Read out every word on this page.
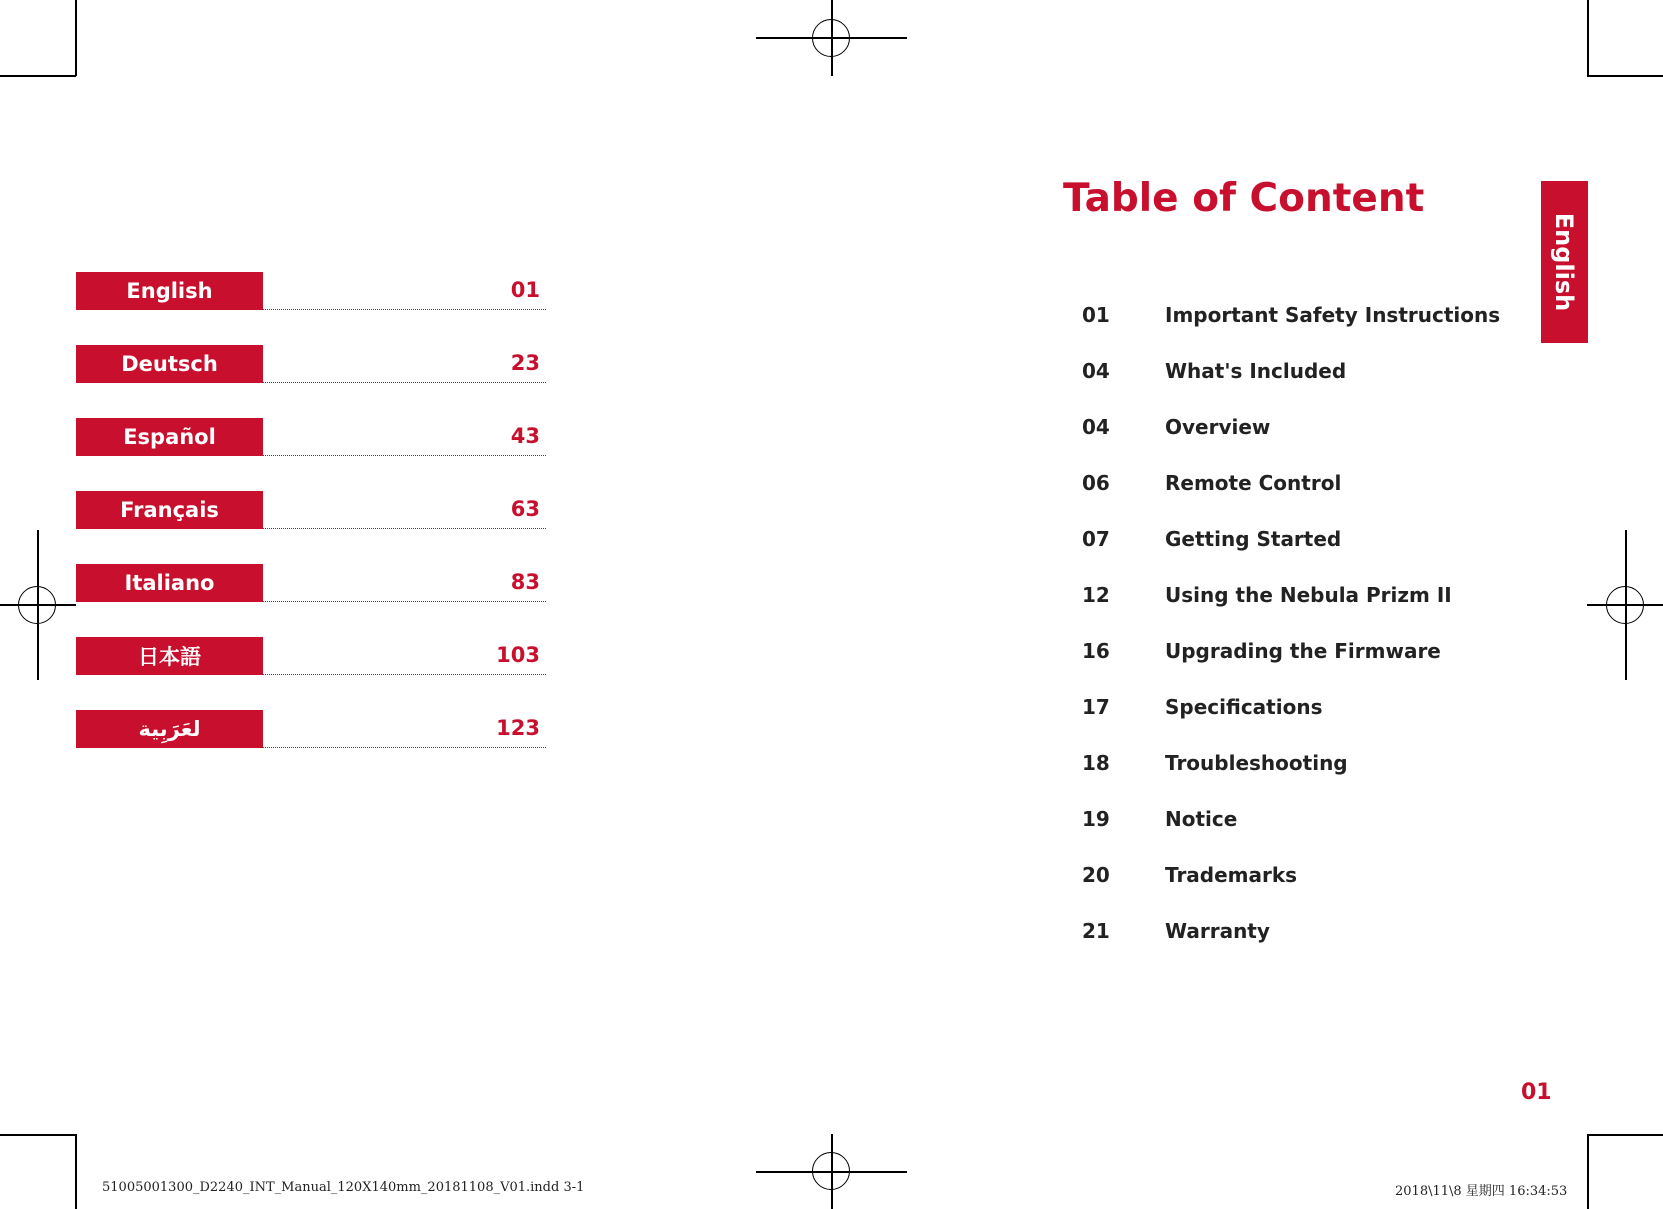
English	01
Deutsch	23
Español	43
Français	63
Italiano	83
日本語	103
لعَرَبِية	123
Table of Content
01	Important Safety Instructions
04	What's Included
04	Overview
06	Remote Control
07	Getting Started
12	Using the Nebula Prizm II
16	Upgrading the Firmware
17	Specifications
18	Troubleshooting
19	Notice
20	Trademarks
21	Warranty
English
01
51005001300_D2240_INT_Manual_120X140mm_20181108_V01.indd 3-1	2018\11\8 星期四 16:34:53
